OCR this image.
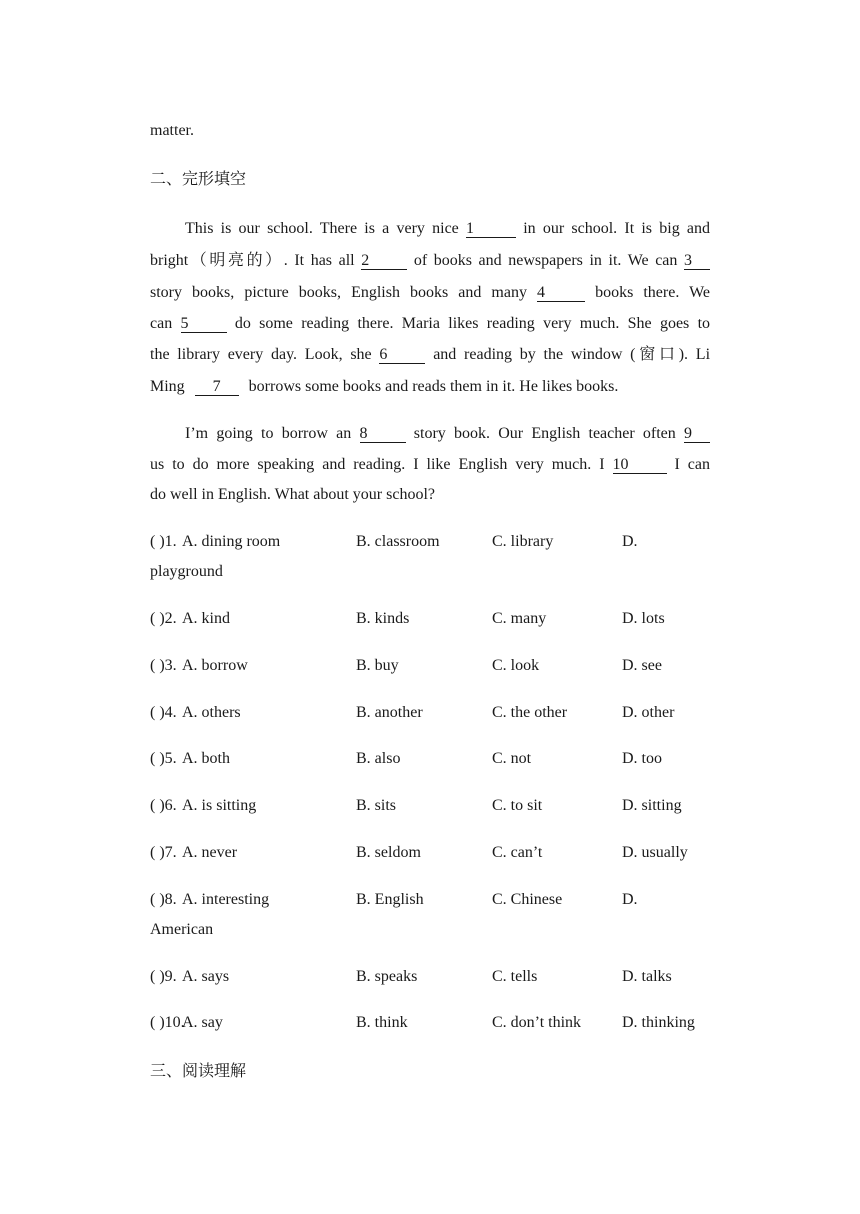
matter.
二、完形填空
This is our school. There is a very nice 1	in our school. It is big and
bright（明亮的）. It has all 2	of books and newspapers in it. We can 3
story books, picture books, English books and many 4	books there. We
can 5	do some reading there. Maria likes reading very much. She goes to
the library every day. Look, she 6	and reading by the window (窗口). Li
Ming 7 borrows some books and reads them in it. He likes books.
I’m going to borrow an 8	story book. Our English teacher often 9
us to do more speaking and reading. I like English very much. I 10	I can
do well in English. What about your school?
( )1. A. dining room	B. classroom	C. library	D.
playground
( )2. A. kind	B. kinds	C. many	D. lots
( )3. A. borrow	B. buy	C. look	D. see
( )4. A. others	B. another	C. the other	D. other
( )5. A. both	B. also	C. not	D. too
( )6. A. is sitting	B. sits	C. to sit	D. sitting
( )7. A. never	B. seldom	C. can’t	D. usually
( )8. A. interesting	B. English	C. Chinese	D.
American
( )9. A. says	B. speaks	C. tells	D. talks
( )10.
A. say	B. think	C. don’t think	D. thinking
三、阅读理解
